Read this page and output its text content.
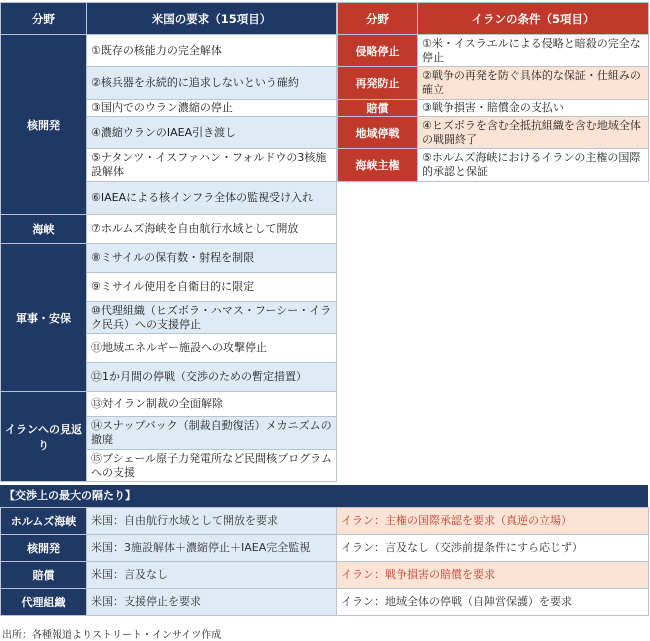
分野	米国の要求（15項目）
核開発	①既存の核能力の完全解体
	②核兵器を永続的に追求しないという確約
	③国内でのウラン濃縮の停止
	④濃縮ウランのIAEA引き渡し
	⑤ナタンツ・イスファハン・フォルドウの3核施設解体
	⑥IAEAによる核インフラ全体の監視受け入れ
海峡	⑦ホルムズ海峡を自由航行水域として開放
軍事・安保	⑧ミサイルの保有数・射程を制限
	⑨ミサイル使用を自衛目的に限定
	⑩代理組織（ヒズボラ・ハマス・フーシー・イラク民兵）への支援停止
	⑪地域エネルギー施設への攻撃停止
	⑫1か月間の停戦（交渉のための暫定措置）
イランへの見返り	⑬対イラン制裁の全面解除
	⑭スナップバック（制裁自動復活）メカニズムの撤廃
	⑮ブシェール原子力発電所など民間核プログラムへの支援
分野	イランの条件（5項目）
侵略停止	①米・イスラエルによる侵略と暗殺の完全な停止
再発防止	②戦争の再発を防ぐ具体的な保証・仕組みの確立
賠償	③戦争損害・賠償金の支払い
地域停戦	④ヒズボラを含む全抵抗組織を含む地域全体の戦闘終了
海峡主権	⑤ホルムズ海峡におけるイランの主権の国際的承認と保証
【交渉上の最大の隔たり】
ホルムズ海峡	米国：自由航行水域として開放を要求	イラン：主権の国際承認を要求（真逆の立場）
核開発	米国：3施設解体＋濃縮停止＋IAEA完全監視	イラン：言及なし（交渉前提条件にすら応じず）
賠償	米国：言及なし	イラン：戦争損害の賠償を要求
代理組織	米国：支援停止を要求	イラン：地域全体の停戦（自陣営保護）を要求
出所：各種報道よりストリート・インサイツ作成
